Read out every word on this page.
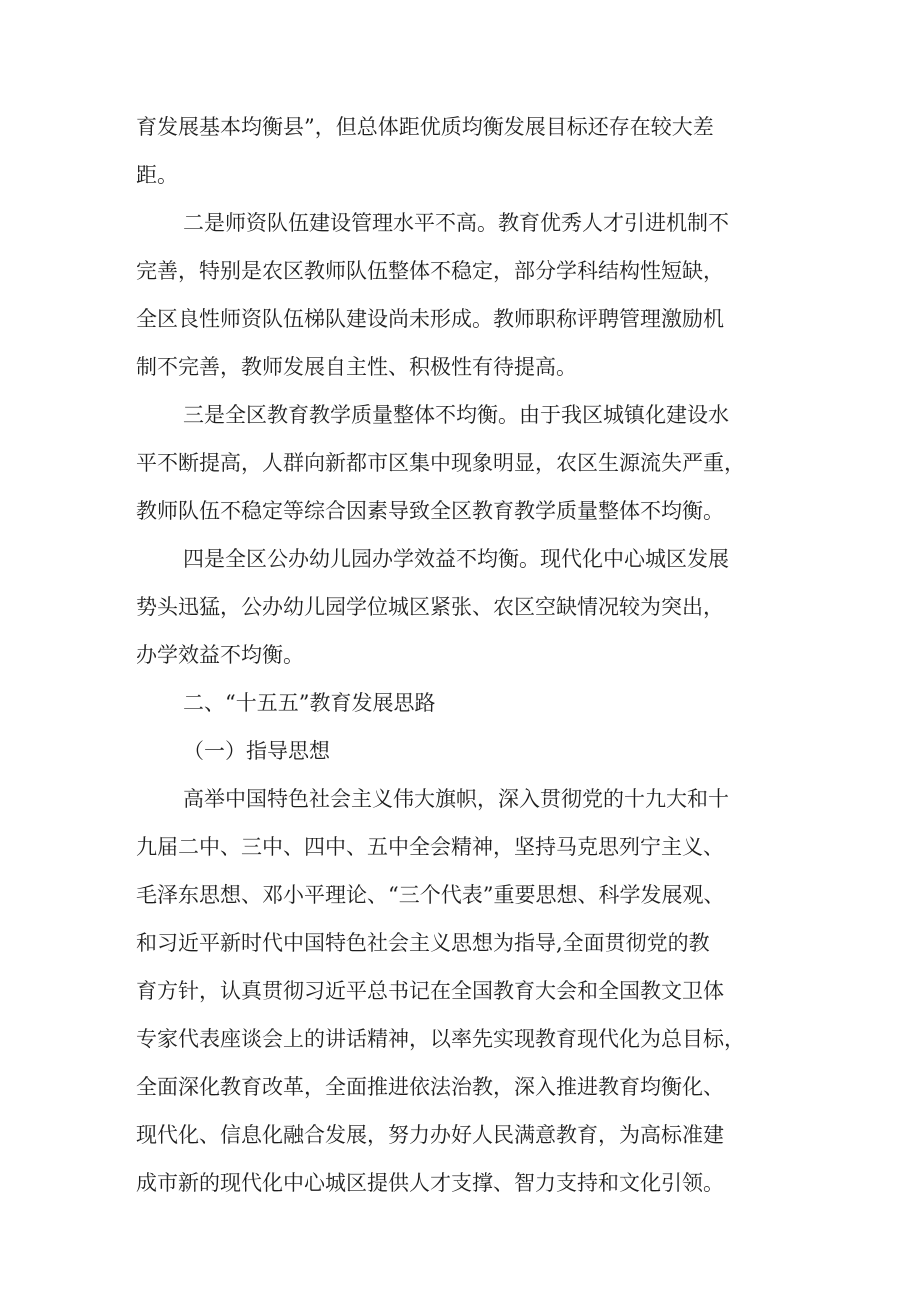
育发展基本均衡县”，但总体距优质均衡发展目标还存在较大差

距。

二是师资队伍建设管理水平不高。教育优秀人才引进机制不

完善，特别是农区教师队伍整体不稳定，部分学科结构性短缺，

全区良性师资队伍梯队建设尚未形成。教师职称评聘管理激励机

制不完善，教师发展自主性、积极性有待提高。

三是全区教育教学质量整体不均衡。由于我区城镇化建设水

平不断提高，人群向新都市区集中现象明显，农区生源流失严重，

教师队伍不稳定等综合因素导致全区教育教学质量整体不均衡。

四是全区公办幼儿园办学效益不均衡。现代化中心城区发展

势头迅猛，公办幼儿园学位城区紧张、农区空缺情况较为突出，

办学效益不均衡。

二、“十五五”教育发展思路

（一）指导思想

高举中国特色社会主义伟大旗帜，深入贯彻党的十九大和十

九届二中、三中、四中、五中全会精神，坚持马克思列宁主义、

毛泽东思想、邓小平理论、“三个代表”重要思想、科学发展观、

和习近平新时代中国特色社会主义思想为指导,全面贯彻党的教

育方针，认真贯彻习近平总书记在全国教育大会和全国教文卫体

专家代表座谈会上的讲话精神，以率先实现教育现代化为总目标，

全面深化教育改革，全面推进依法治教，深入推进教育均衡化、

现代化、信息化融合发展，努力办好人民满意教育，为高标准建

成市新的现代化中心城区提供人才支撑、智力支持和文化引领。
